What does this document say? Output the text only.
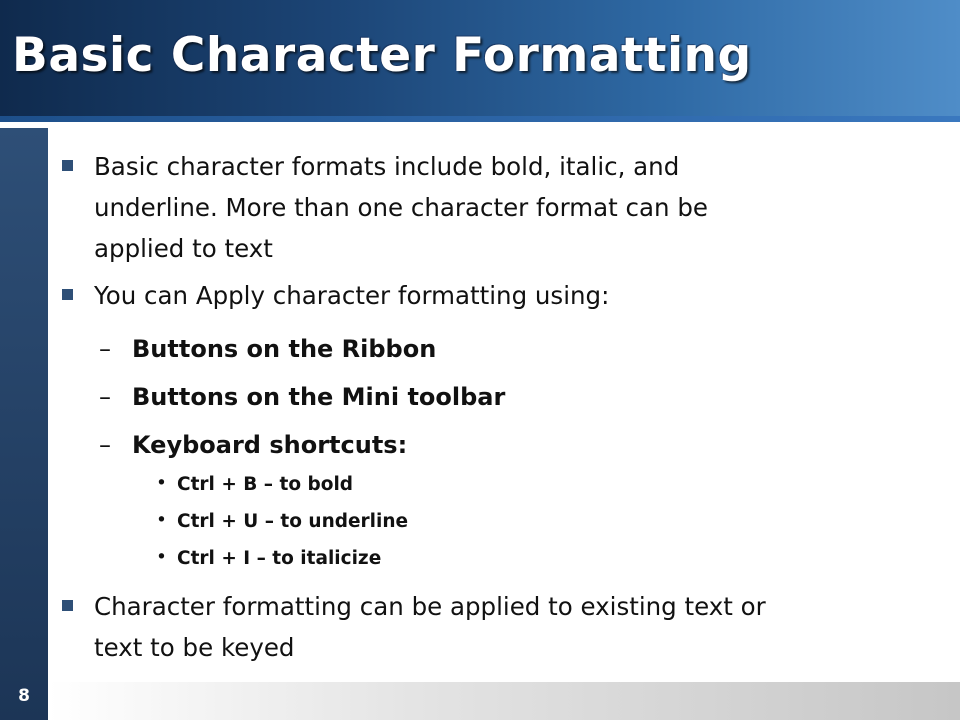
Basic Character Formatting
8
Basic character formats include bold, italic, and
underline. More than one character format can be
applied to text
You can Apply character formatting using:
– Buttons on the Ribbon
– Buttons on the Mini toolbar
– Keyboard shortcuts:
• Ctrl + B – to bold
• Ctrl + U – to underline
• Ctrl + I – to italicize
Character formatting can be applied to existing text or
text to be keyed
